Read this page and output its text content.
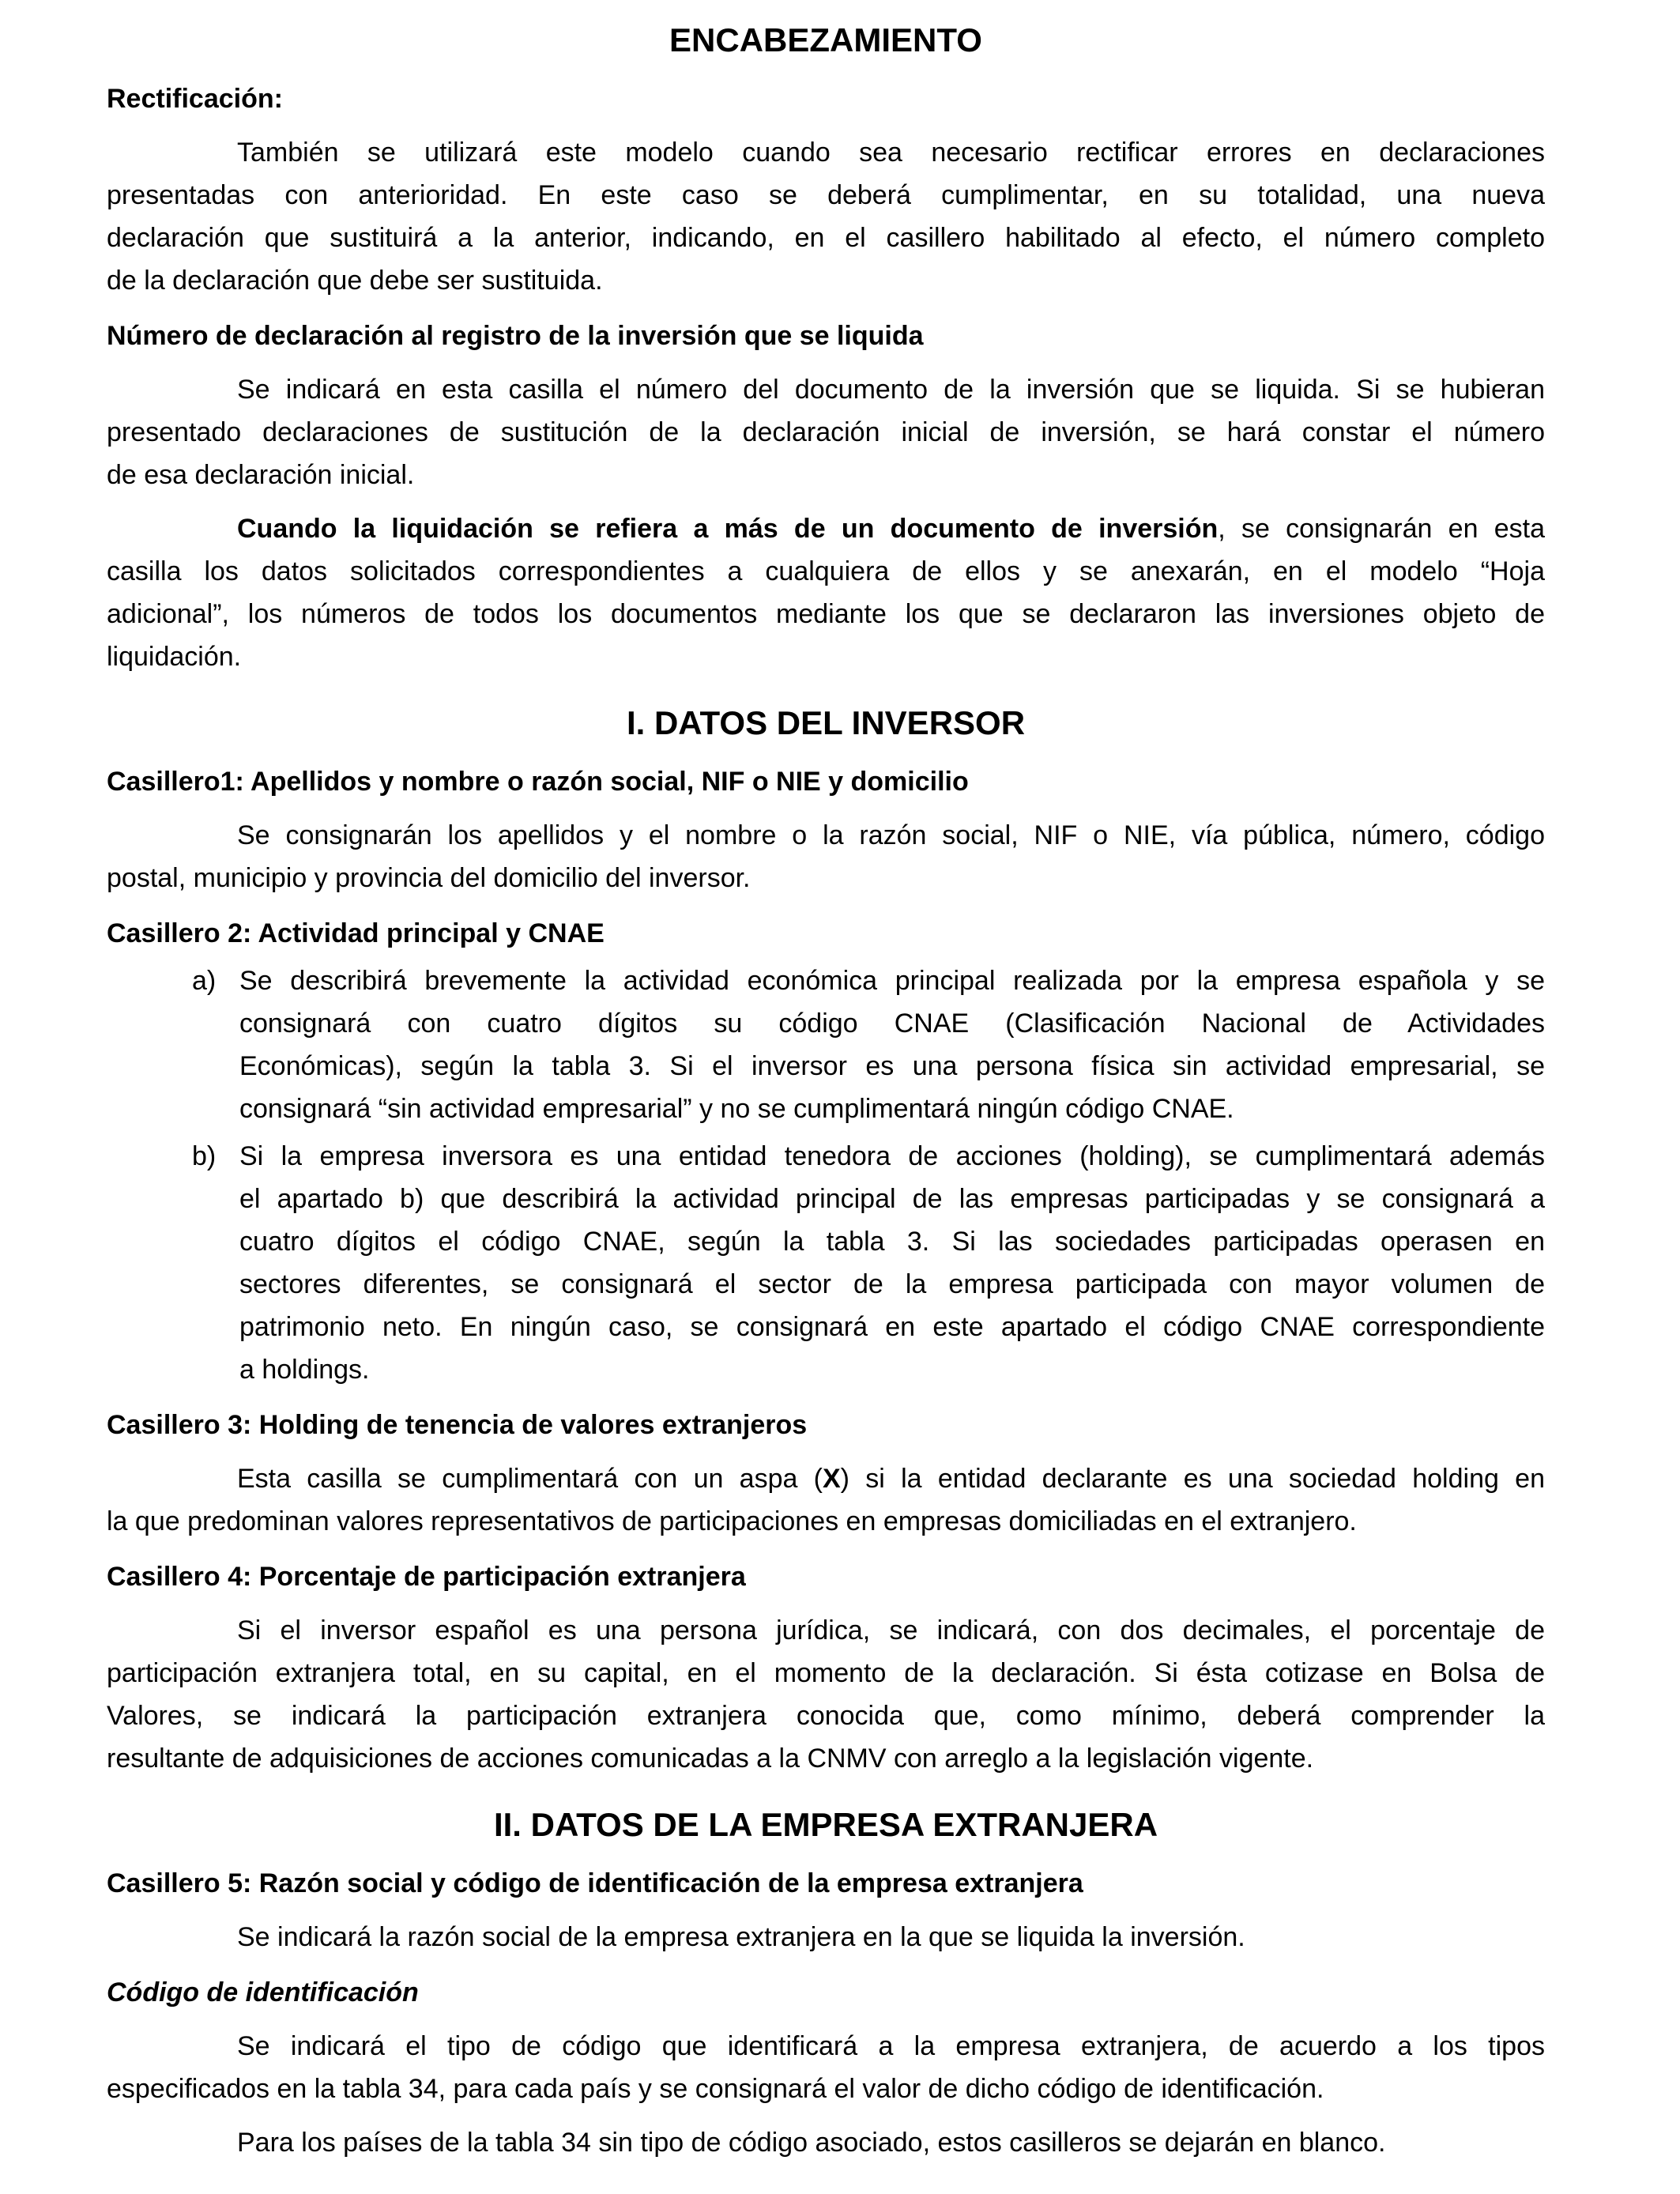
ENCABEZAMIENTO
Rectificación:
También se utilizará este modelo cuando sea necesario rectificar errores en declaraciones
presentadas con anterioridad. En este caso se deberá cumplimentar, en su totalidad, una nueva
declaración que sustituirá a la anterior, indicando, en el casillero habilitado al efecto, el número completo
de la declaración que debe ser sustituida.
Número de declaración al registro de la inversión que se liquida
Se indicará en esta casilla el número del documento de la inversión que se liquida. Si se hubieran
presentado declaraciones de sustitución de la declaración inicial de inversión, se hará constar el número
de esa declaración inicial.
Cuando la liquidación se refiera a más de un documento de inversión, se consignarán en esta
casilla los datos solicitados correspondientes a cualquiera de ellos y se anexarán, en el modelo “Hoja
adicional”, los números de todos los documentos mediante los que se declararon las inversiones objeto de
liquidación.
I. DATOS DEL INVERSOR
Casillero1: Apellidos y nombre o razón social, NIF o NIE y domicilio
Se consignarán los apellidos y el nombre o la razón social, NIF o NIE, vía pública, número, código
postal, municipio y provincia del domicilio del inversor.
Casillero 2: Actividad principal y CNAE
a) Se describirá brevemente la actividad económica principal realizada por la empresa española y se
consignará con cuatro dígitos su código CNAE (Clasificación Nacional de Actividades
Económicas), según la tabla 3. Si el inversor es una persona física sin actividad empresarial, se
consignará “sin actividad empresarial” y no se cumplimentará ningún código CNAE.
b) Si la empresa inversora es una entidad tenedora de acciones (holding), se cumplimentará además
el apartado b) que describirá la actividad principal de las empresas participadas y se consignará a
cuatro dígitos el código CNAE, según la tabla 3. Si las sociedades participadas operasen en
sectores diferentes, se consignará el sector de la empresa participada con mayor volumen de
patrimonio neto. En ningún caso, se consignará en este apartado el código CNAE correspondiente
a holdings.
Casillero 3: Holding de tenencia de valores extranjeros
Esta casilla se cumplimentará con un aspa (X) si la entidad declarante es una sociedad holding en
la que predominan valores representativos de participaciones en empresas domiciliadas en el extranjero.
Casillero 4: Porcentaje de participación extranjera
Si el inversor español es una persona jurídica, se indicará, con dos decimales, el porcentaje de
participación extranjera total, en su capital, en el momento de la declaración. Si ésta cotizase en Bolsa de
Valores, se indicará la participación extranjera conocida que, como mínimo, deberá comprender la
resultante de adquisiciones de acciones comunicadas a la CNMV con arreglo a la legislación vigente.
II. DATOS DE LA EMPRESA EXTRANJERA
Casillero 5: Razón social y código de identificación de la empresa extranjera
Se indicará la razón social de la empresa extranjera en la que se liquida la inversión.
Código de identificación
Se indicará el tipo de código que identificará a la empresa extranjera, de acuerdo a los tipos
especificados en la tabla 34, para cada país y se consignará el valor de dicho código de identificación.
Para los países de la tabla 34 sin tipo de código asociado, estos casilleros se dejarán en blanco.
